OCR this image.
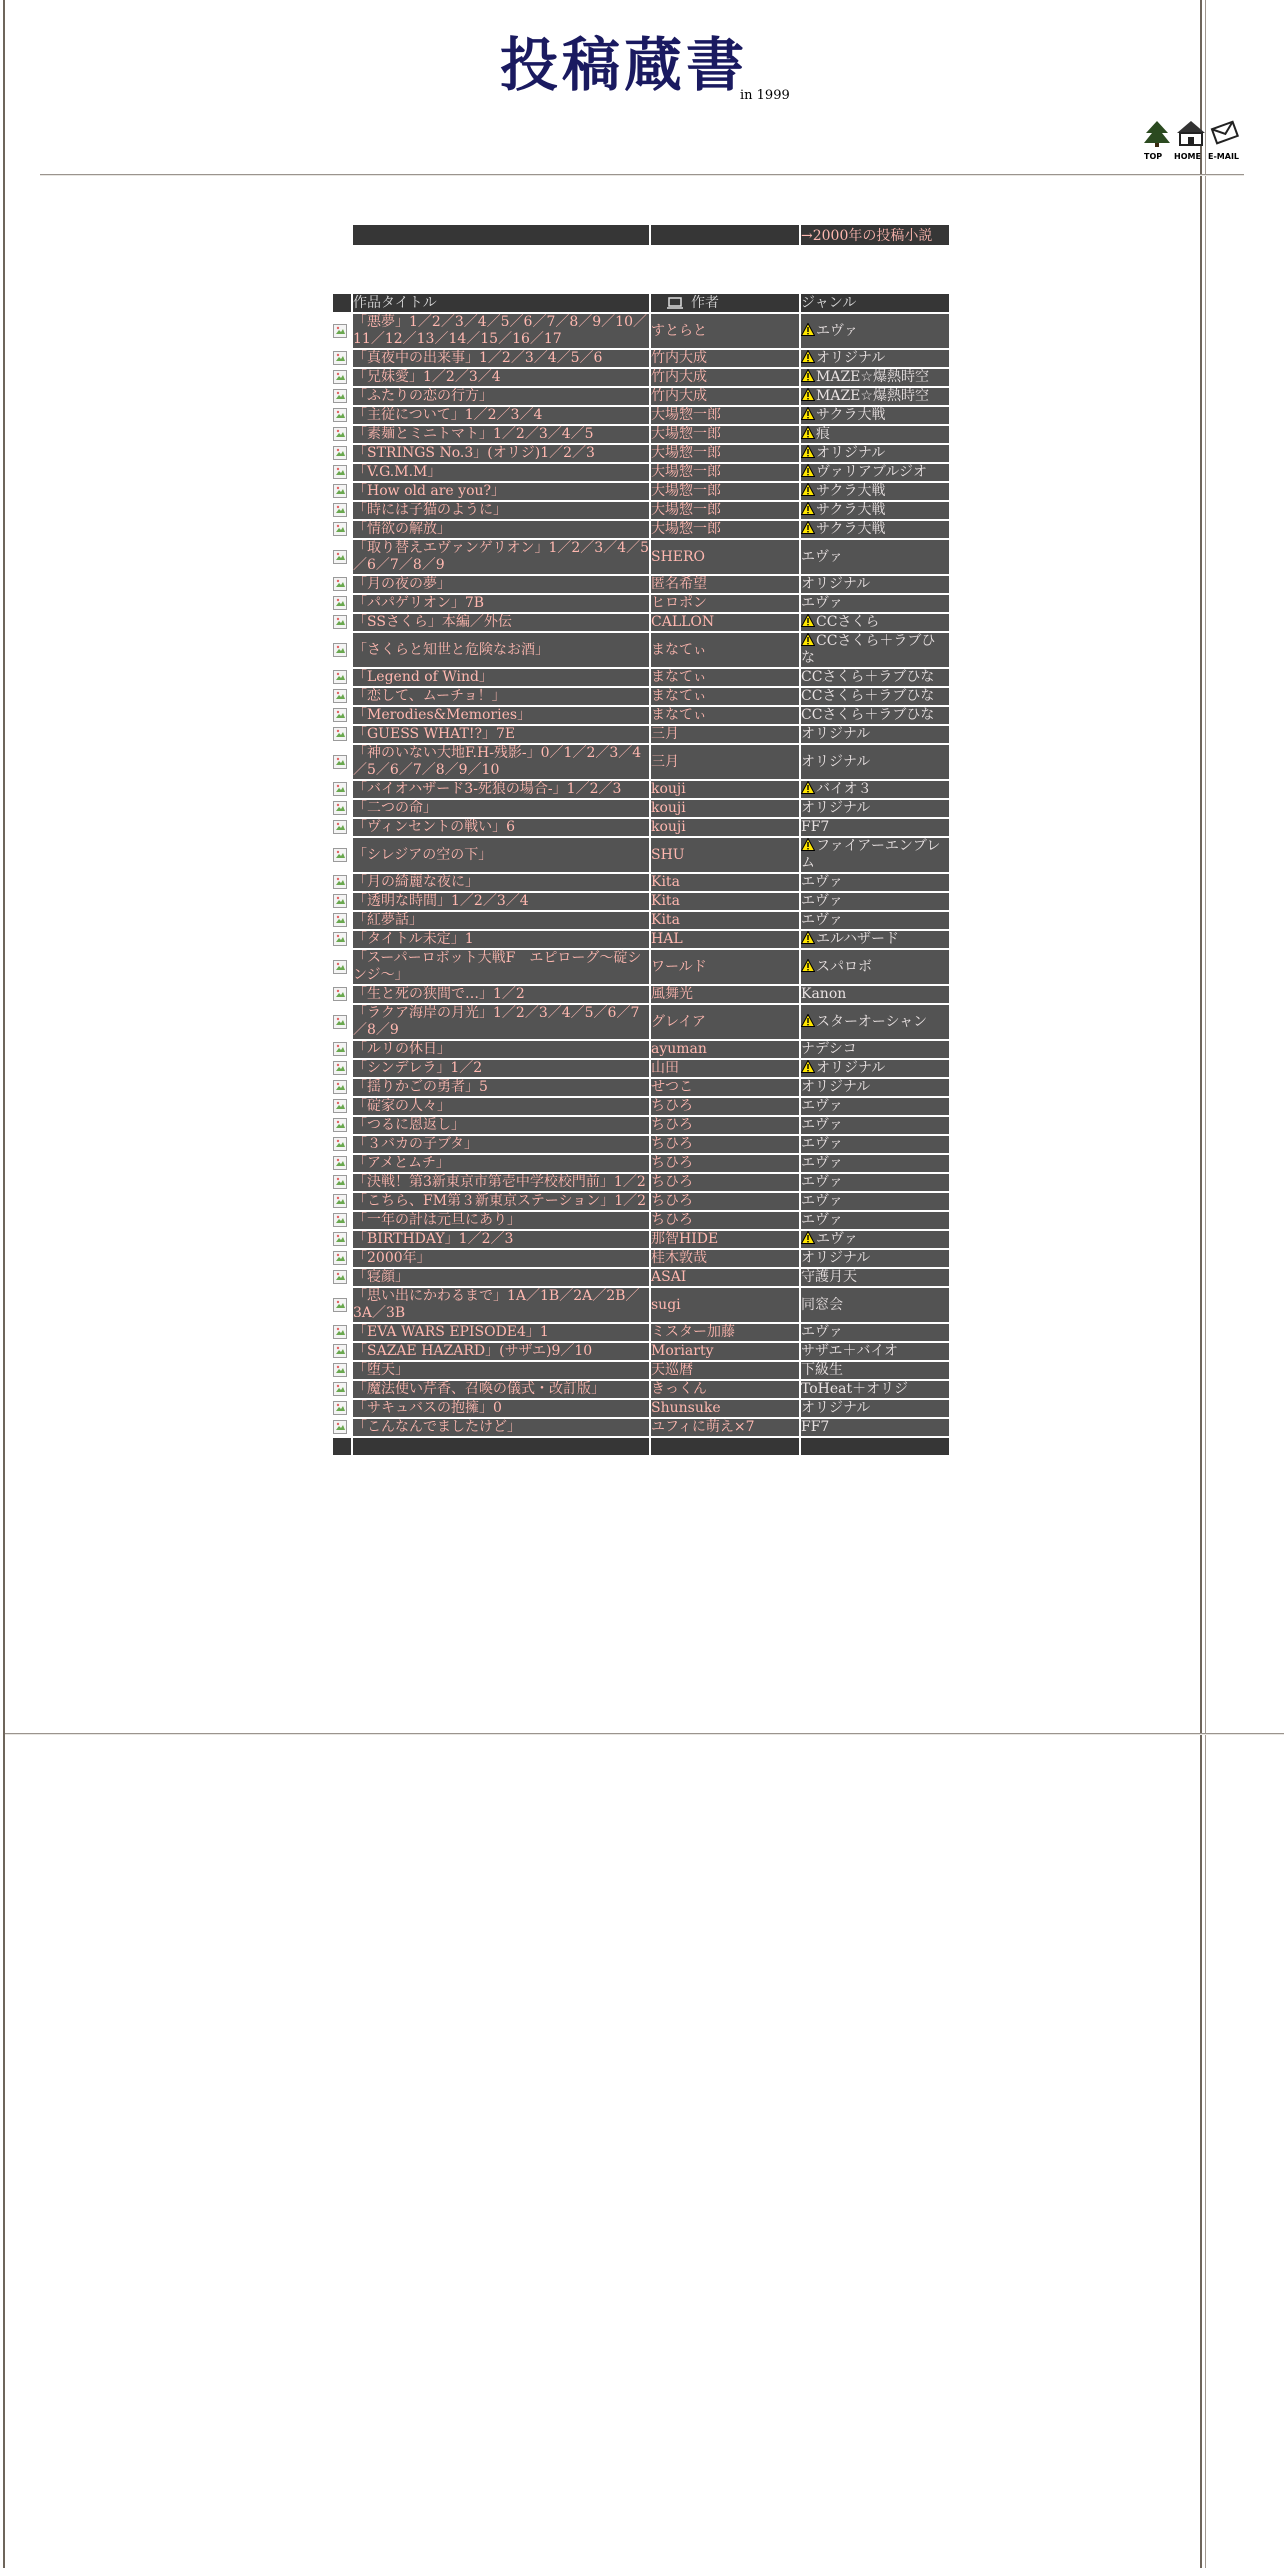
投稿蔵書
in 1999
TOP HOME E-MAIL
		→2000年の投稿小説
	作品タイトル	作者	ジャンル
	「悪夢」1／2／3／4／5／6／7／8／9／10／11／12／13／14／15／16／17	すとらと	エヴァ
	「真夜中の出来事」1／2／3／4／5／6	竹内大成	オリジナル
	「兄妹愛」1／2／3／4	竹内大成	MAZE☆爆熱時空
	「ふたりの恋の行方」	竹内大成	MAZE☆爆熱時空
	「主従について」1／2／3／4	大場惣一郎	サクラ大戦
	「素麺とミニトマト」1／2／3／4／5	大場惣一郎	痕
	「STRINGS No.3」(オリジ)1／2／3	大場惣一郎	オリジナル
	「V.G.M.M」	大場惣一郎	ヴァリアブルジオ
	「How old are you?」	大場惣一郎	サクラ大戦
	「時には子猫のように」	大場惣一郎	サクラ大戦
	「情欲の解放」	大場惣一郎	サクラ大戦
	「取り替えエヴァンゲリオン」1／2／3／4／5／6／7／8／9	SHERO	エヴァ
	「月の夜の夢」	匿名希望	オリジナル
	「パパゲリオン」7B	ヒロポン	エヴァ
	「SSさくら」本編／外伝	CALLON	CCさくら
	「さくらと知世と危険なお酒」	まなてぃ	CCさくら＋ラブひな
	「Legend of Wind」	まなてぃ	CCさくら＋ラブひな
	「恋して、ムーチョ！」	まなてぃ	CCさくら＋ラブひな
	「Merodies&Memories」	まなてぃ	CCさくら＋ラブひな
	「GUESS WHAT!?」7E	三月	オリジナル
	「神のいない大地F.H-残影-」0／1／2／3／4／5／6／7／8／9／10	三月	オリジナル
	「バイオハザード3-死狼の場合-」1／2／3	kouji	バイオ３
	「二つの命」	kouji	オリジナル
	「ヴィンセントの戦い」6	kouji	FF7
	「シレジアの空の下」	SHU	ファイアーエンブレム
	「月の綺麗な夜に」	Kita	エヴァ
	「透明な時間」1／2／3／4	Kita	エヴァ
	「紅夢話」	Kita	エヴァ
	「タイトル未定」1	HAL	エルハザード
	「スーパーロボット大戦F　エピローグ～碇シンジ～」	ワールド	スパロボ
	「生と死の狭間で…」1／2	風舞光	Kanon
	「ラクア海岸の月光」1／2／3／4／5／6／7／8／9	グレイア	スターオーシャン
	「ルリの休日」	ayuman	ナデシコ
	「シンデレラ」1／2	山田	オリジナル
	「揺りかごの勇者」5	せつこ	オリジナル
	「碇家の人々」	ちひろ	エヴァ
	「つるに恩返し」	ちひろ	エヴァ
	「３バカの子ブタ」	ちひろ	エヴァ
	「アメとムチ」	ちひろ	エヴァ
	「決戦！第3新東京市第壱中学校校門前」1／2	ちひろ	エヴァ
	「こちら、FM第３新東京ステーション」1／2	ちひろ	エヴァ
	「一年の計は元旦にあり」	ちひろ	エヴァ
	「BIRTHDAY」1／2／3	那智HIDE	エヴァ
	「2000年」	桂木敦哉	オリジナル
	「寝顔」	ASAI	守護月天
	「思い出にかわるまで」1A／1B／2A／2B／3A／3B	sugi	同窓会
	「EVA WARS EPISODE4」1	ミスター加藤	エヴァ
	「SAZAE HAZARD」(サザエ)9／10	Moriarty	サザエ＋バイオ
	「堕天」	天巡暦	下級生
	「魔法使い芹香、召喚の儀式・改訂版」	きっくん	ToHeat＋オリジ
	「サキュバスの抱擁」0	Shunsuke	オリジナル
	「こんなんでましたけど」	ユフィに萌え×7	FF7
